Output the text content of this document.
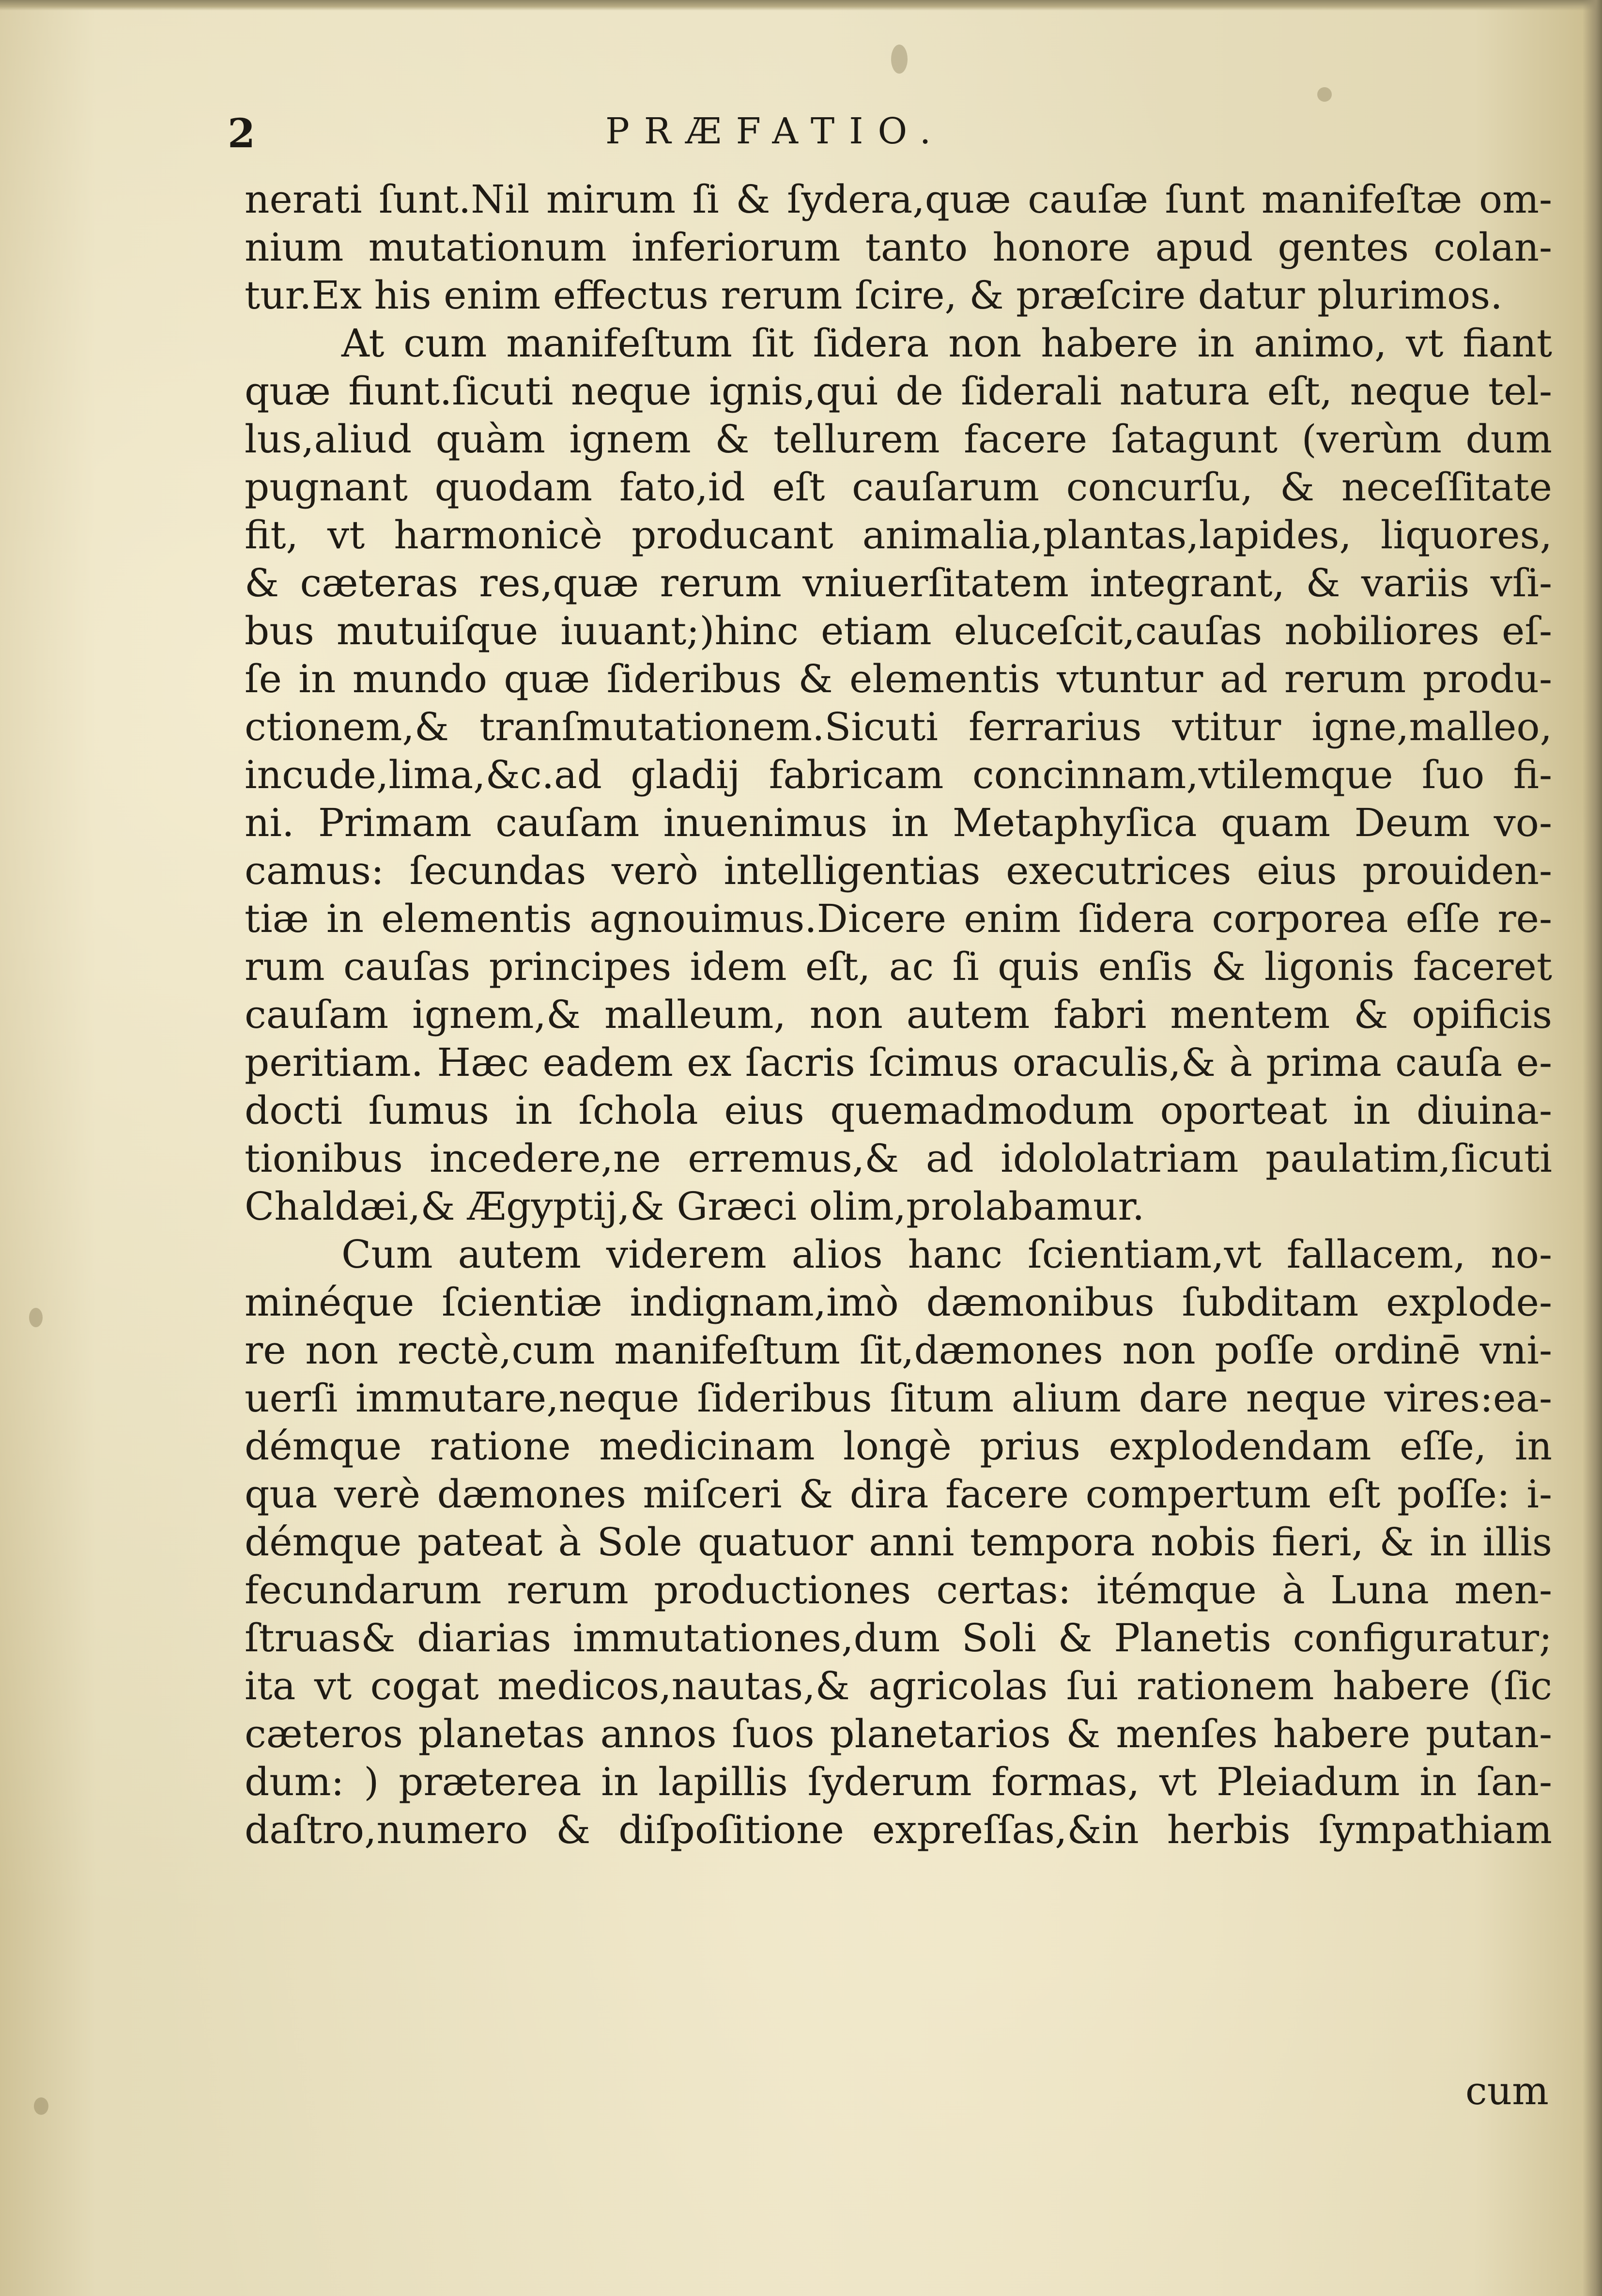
2	PRÆFATIO.
nerati ſunt.Nil mirum ſi & ſydera,quæ cauſæ ſunt manifeſtæ om-
nium mutationum inferiorum tanto honore apud gentes colan-
tur.Ex his enim effectus rerum ſcire, & præſcire datur plurimos.
At cum manifeſtum ſit ſidera non habere in animo, vt fiant
quæ fiunt.ſicuti neque ignis,qui de ſiderali natura eſt, neque tel-
lus,aliud quàm ignem & tellurem facere ſatagunt (verùm dum
pugnant quodam fato,id eſt cauſarum concurſu, & neceſſitate
fit, vt harmonicè producant animalia,plantas,lapides, liquores,
& cæteras res,quæ rerum vniuerſitatem integrant, & variis vſi-
bus mutuiſque iuuant;)hinc etiam eluceſcit,cauſas nobiliores eſ-
ſe in mundo quæ ſideribus & elementis vtuntur ad rerum produ-
ctionem,& tranſmutationem.Sicuti ferrarius vtitur igne,malleo,
incude,lima,&c.ad gladij fabricam concinnam,vtilemque ſuo fi-
ni. Primam cauſam inuenimus in Metaphyſica quam Deum vo-
camus: ſecundas verò intelligentias executrices eius prouiden-
tiæ in elementis agnouimus.Dicere enim ſidera corporea eſſe re-
rum cauſas principes idem eſt, ac ſi quis enſis & ligonis faceret
cauſam ignem,& malleum, non autem fabri mentem & opificis
peritiam. Hæc eadem ex ſacris ſcimus oraculis,& à prima cauſa e-
docti ſumus in ſchola eius quemadmodum oporteat in diuina-
tionibus incedere,ne erremus,& ad idololatriam paulatim,ſicuti
Chaldæi,& Ægyptij,& Græci olim,prolabamur.
Cum autem viderem alios hanc ſcientiam,vt fallacem, no-
minéque ſcientiæ indignam,imò dæmonibus ſubditam explode-
re non rectè,cum manifeſtum ſit,dæmones non poſſe ordinē vni-
uerſi immutare,neque ſideribus ſitum alium dare neque vires:ea-
démque ratione medicinam longè prius explodendam eſſe, in
qua verè dæmones miſceri & dira facere compertum eſt poſſe: i-
démque pateat à Sole quatuor anni tempora nobis fieri, & in illis
fecundarum rerum productiones certas: itémque à Luna men-
ſtruas& diarias immutationes,dum Soli & Planetis configuratur;
ita vt cogat medicos,nautas,& agricolas ſui rationem habere (ſic
cæteros planetas annos ſuos planetarios & menſes habere putan-
dum: ) præterea in lapillis ſyderum formas, vt Pleiadum in ſan-
daſtro,numero & diſpoſitione expreſſas,&in herbis ſympathiam
cum
